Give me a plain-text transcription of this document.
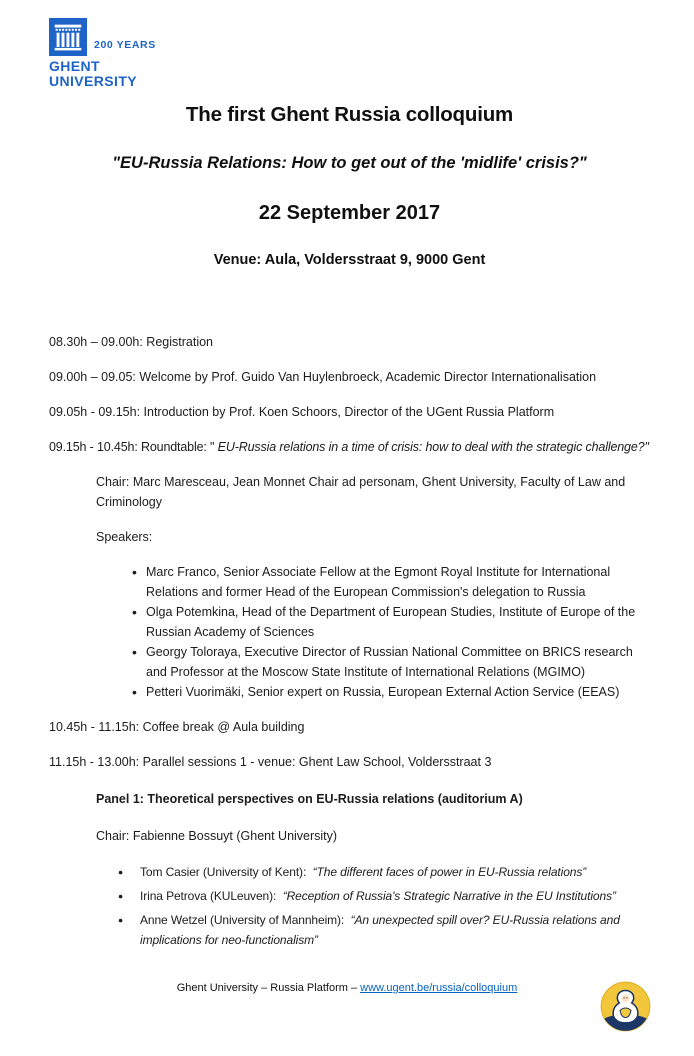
200 YEARS
GHENT
UNIVERSITY
The first Ghent Russia colloquium
"EU-Russia Relations: How to get out of the 'midlife' crisis?"
22 September 2017
Venue: Aula, Voldersstraat 9, 9000 Gent

08.30h – 09.00h: Registration

09.00h – 09.05: Welcome by Prof. Guido Van Huylenbroeck, Academic Director Internationalisation

09.05h - 09.15h: Introduction by Prof. Koen Schoors, Director of the UGent Russia Platform

09.15h - 10.45h: Roundtable: " EU-Russia relations in a time of crisis: how to deal with the strategic challenge?"

Chair: Marc Maresceau, Jean Monnet Chair ad personam, Ghent University, Faculty of Law and Criminology

Speakers:

• Marc Franco, Senior Associate Fellow at the Egmont Royal Institute for International Relations and former Head of the European Commission's delegation to Russia
• Olga Potemkina, Head of the Department of European Studies, Institute of Europe of the Russian Academy of Sciences
• Georgy Toloraya, Executive Director of Russian National Committee on BRICS research and Professor at the Moscow State Institute of International Relations (MGIMO)
• Petteri Vuorimäki, Senior expert on Russia, European External Action Service (EEAS)

10.45h - 11.15h: Coffee break @ Aula building

11.15h - 13.00h: Parallel sessions 1 - venue: Ghent Law School, Voldersstraat 3

Panel 1: Theoretical perspectives on EU-Russia relations (auditorium A)

Chair: Fabienne Bossuyt (Ghent University)

● Tom Casier (University of Kent): “The different faces of power in EU-Russia relations”
● Irina Petrova (KULeuven): “Reception of Russia's Strategic Narrative in the EU Institutions”
● Anne Wetzel (University of Mannheim): “An unexpected spill over? EU-Russia relations and implications for neo-functionalism”
Ghent University – Russia Platform – www.ugent.be/russia/colloquium
